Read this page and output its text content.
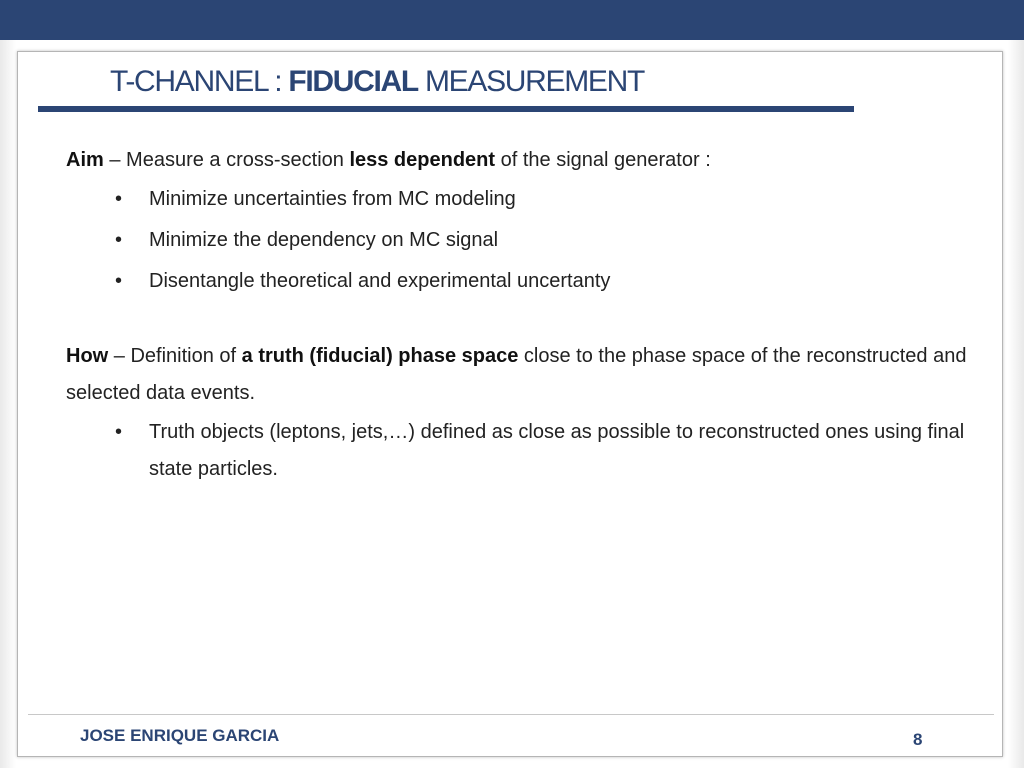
T-CHANNEL : FIDUCIAL MEASUREMENT

Aim – Measure a cross-section less dependent of the signal generator :

• Minimize uncertainties from MC modeling
• Minimize the dependency on MC signal
• Disentangle theoretical and experimental uncertanty

How – Definition of a truth (fiducial) phase space close to the phase space of the reconstructed and selected data events.

• Truth objects (leptons, jets,…) defined as close as possible to reconstructed ones using final state particles.
JOSE ENRIQUE GARCIA	8
